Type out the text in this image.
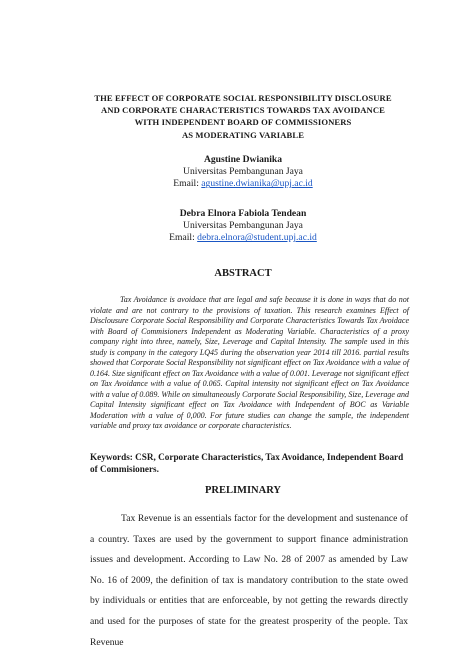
THE EFFECT OF CORPORATE SOCIAL RESPONSIBILITY DISCLOSURE
AND CORPORATE CHARACTERISTICS TOWARDS TAX AVOIDANCE
WITH INDEPENDENT BOARD OF COMMISSIONERS
AS MODERATING VARIABLE
Agustine Dwianika
Universitas Pembangunan Jaya
Email: agustine.dwianika@upj.ac.id
Debra Elnora Fabiola Tendean
Universitas Pembangunan Jaya
Email: debra.elnora@student.upj.ac.id
ABSTRACT
Tax Avoidance is avoidace that are legal and safe because it is done in ways that do not violate and are not contrary to the provisions of taxation. This research examines Effect of Disclousure Corporate Social Responsibility and Corporate Characteristics Towards Tax Avoidace with Board of Commisioners Independent as Moderating Variable. Characteristics of a proxy company right into three, namely, Size, Leverage and Capital Intensity. The sample used in this study is company in the category LQ45 during the observation year 2014 till 2016. partial results showed that Corporate Social Responsibility not significant effect on Tax Avoidance with a value of 0.164. Size significant effect on Tax Avoidance with a value of 0.001. Leverage not significant effect on Tax Avoidance with a value of 0.065. Capital intensity not significant effect on Tax Avoidance with a value of 0.089. While on simultaneously Corporate Social Responsibility, Size, Leverage and Capital Intensity significant effect on Tax Avoidance with Independent of BOC as Variable Moderation with a value of 0,000. For future studies can change the sample, the independent variable and proxy tax avoidance or corporate characteristics.
Keywords: CSR, Corporate Characteristics, Tax Avoidance, Independent Board of Commisioners.
PRELIMINARY
Tax Revenue is an essentials factor for the development and sustenance of a country. Taxes are used by the government to support finance administration issues and development. According to Law No. 28 of 2007 as amended by Law No. 16 of 2009, the definition of tax is mandatory contribution to the state owed by individuals or entities that are enforceable, by not getting the rewards directly and used for the purposes of state for the greatest prosperity of the people. Tax Revenue
